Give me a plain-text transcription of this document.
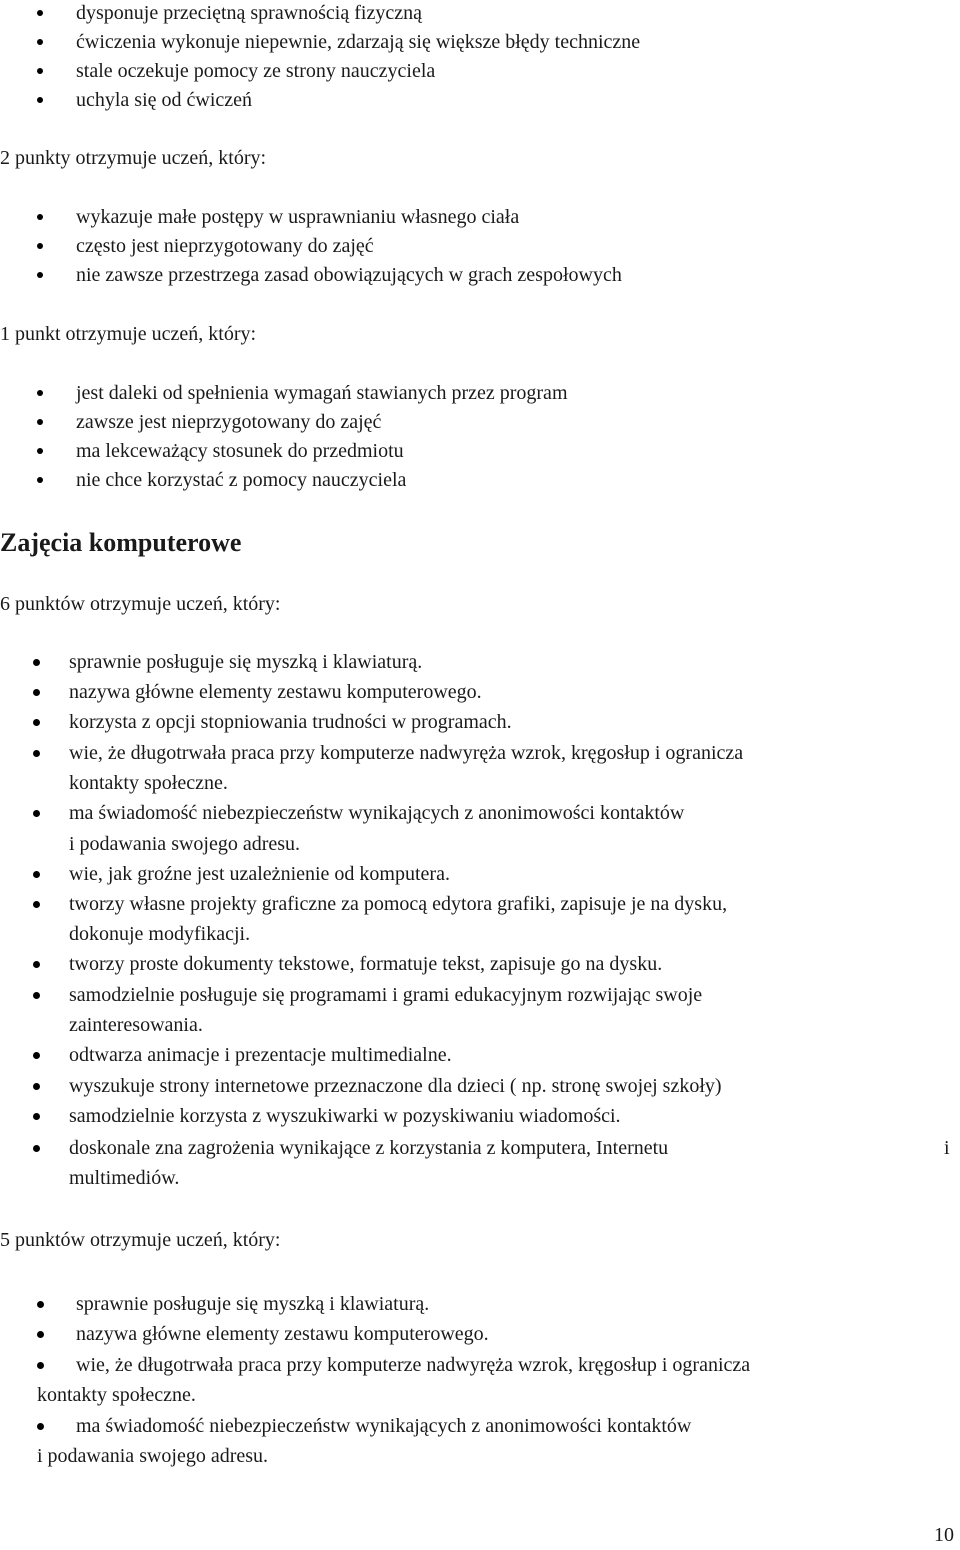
dysponuje przeciętną sprawnością fizyczną
ćwiczenia wykonuje niepewnie, zdarzają się większe błędy techniczne
stale oczekuje pomocy ze strony nauczyciela
uchyla się od ćwiczeń
2 punkty otrzymuje uczeń, który:
wykazuje małe postępy w usprawnianiu własnego ciała
często jest nieprzygotowany do zajęć
nie zawsze przestrzega zasad obowiązujących w grach zespołowych
1 punkt otrzymuje uczeń, który:
jest daleki od spełnienia wymagań stawianych przez program
zawsze jest nieprzygotowany do zajęć
ma lekceważący stosunek do przedmiotu
nie chce korzystać z pomocy nauczyciela
Zajęcia komputerowe
6 punktów otrzymuje uczeń, który:
sprawnie posługuje się myszką i klawiaturą.
nazywa główne elementy zestawu komputerowego.
korzysta z opcji stopniowania trudności w programach.
wie, że długotrwała praca przy komputerze nadwyręża wzrok, kręgosłup i ogranicza
kontakty społeczne.
ma świadomość niebezpieczeństw wynikających z anonimowości kontaktów
i podawania swojego adresu.
wie, jak groźne jest uzależnienie od komputera.
tworzy własne projekty graficzne za pomocą edytora grafiki, zapisuje je na dysku,
dokonuje modyfikacji.
tworzy proste dokumenty tekstowe, formatuje tekst, zapisuje go na dysku.
samodzielnie posługuje się programami i grami edukacyjnym rozwijając swoje
zainteresowania.
odtwarza animacje i prezentacje multimedialne.
wyszukuje strony internetowe przeznaczone dla dzieci ( np. stronę swojej szkoły)
samodzielnie korzysta z wyszukiwarki w pozyskiwaniu wiadomości.
doskonale zna zagrożenia wynikające z korzystania z komputera, Internetu	i
multimediów.
5 punktów otrzymuje uczeń, który:
sprawnie posługuje się myszką i klawiaturą.
nazywa główne elementy zestawu komputerowego.
wie, że długotrwała praca przy komputerze nadwyręża wzrok, kręgosłup i ogranicza
kontakty społeczne.
ma świadomość niebezpieczeństw wynikających z anonimowości kontaktów
i podawania swojego adresu.
10
